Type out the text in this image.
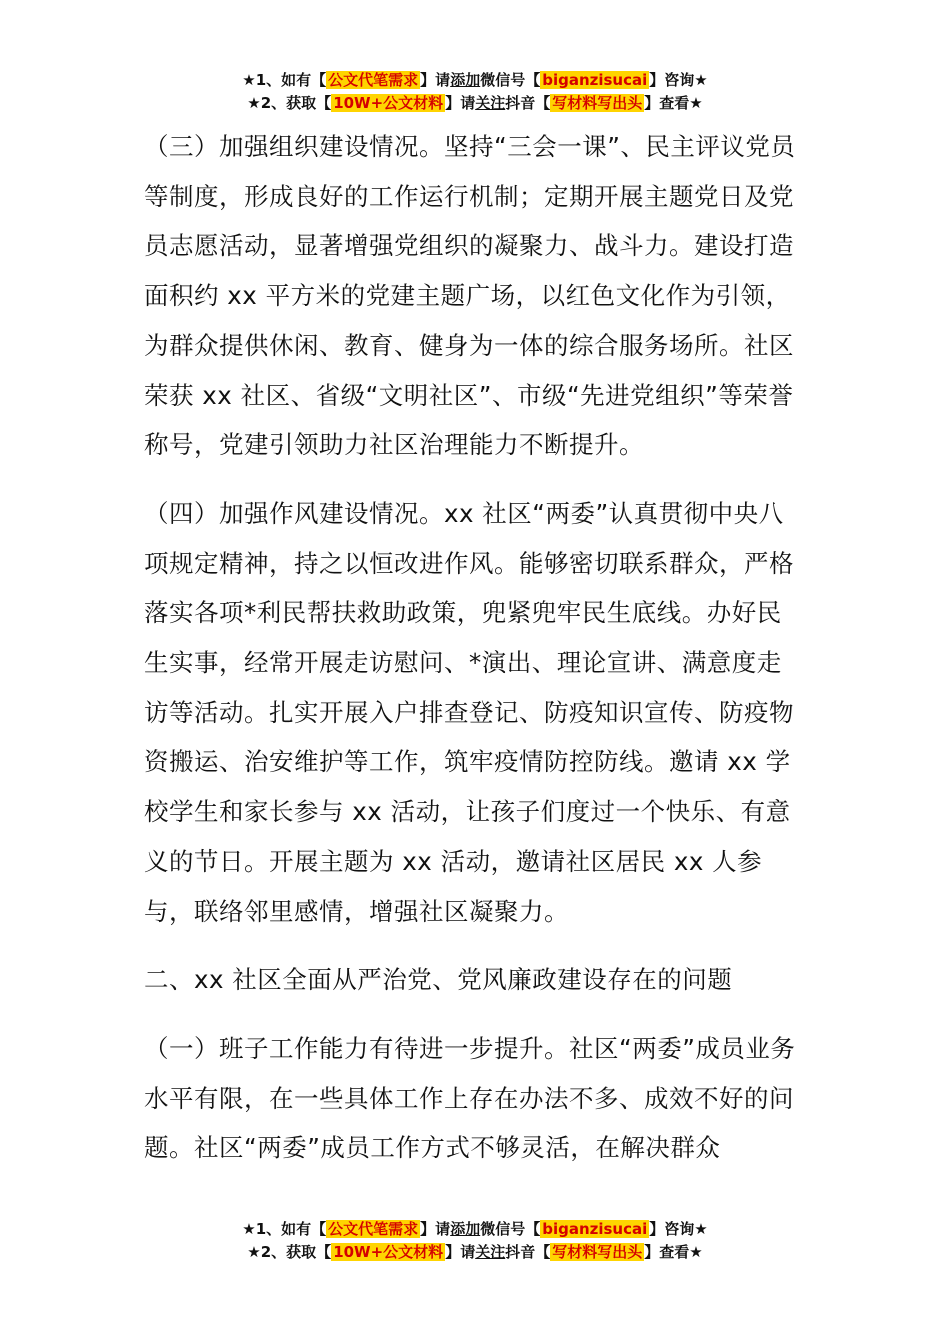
★1、如有【 公文代笔需求 】请添加微信号【 biganzisucai 】咨询★
★2、获取【 10W+公文材料 】请关注抖音【 写材料写出头 】查看★

（三）加强组织建设情况。坚持“三会一课”、民主评议党员等制度，形成良好的工作运行机制；定期开展主题党日及党员志愿活动，显著增强党组织的凝聚力、战斗力。建设打造面积约 xx 平方米的党建主题广场，以红色文化作为引领，为群众提供休闲、教育、健身为一体的综合服务场所。社区荣获 xx 社区、省级“文明社区”、市级“先进党组织”等荣誉称号，党建引领助力社区治理能力不断提升。

（四）加强作风建设情况。xx 社区“两委”认真贯彻中央八项规定精神，持之以恒改进作风。能够密切联系群众，严格落实各项*利民帮扶救助政策，兜紧兜牢民生底线。办好民生实事，经常开展走访慰问、*演出、理论宣讲、满意度走访等活动。扎实开展入户排查登记、防疫知识宣传、防疫物资搬运、治安维护等工作，筑牢疫情防控防线。邀请 xx 学校学生和家长参与 xx 活动，让孩子们度过一个快乐、有意义的节日。开展主题为 xx 活动，邀请社区居民 xx 人参与，联络邻里感情，增强社区凝聚力。

二、xx 社区全面从严治党、党风廉政建设存在的问题

（一）班子工作能力有待进一步提升。社区“两委”成员业务水平有限，在一些具体工作上存在办法不多、成效不好的问题。社区“两委”成员工作方式不够灵活，在解决群众

★1、如有【 公文代笔需求 】请添加微信号【 biganzisucai 】咨询★
★2、获取【 10W+公文材料 】请关注抖音【 写材料写出头 】查看★
